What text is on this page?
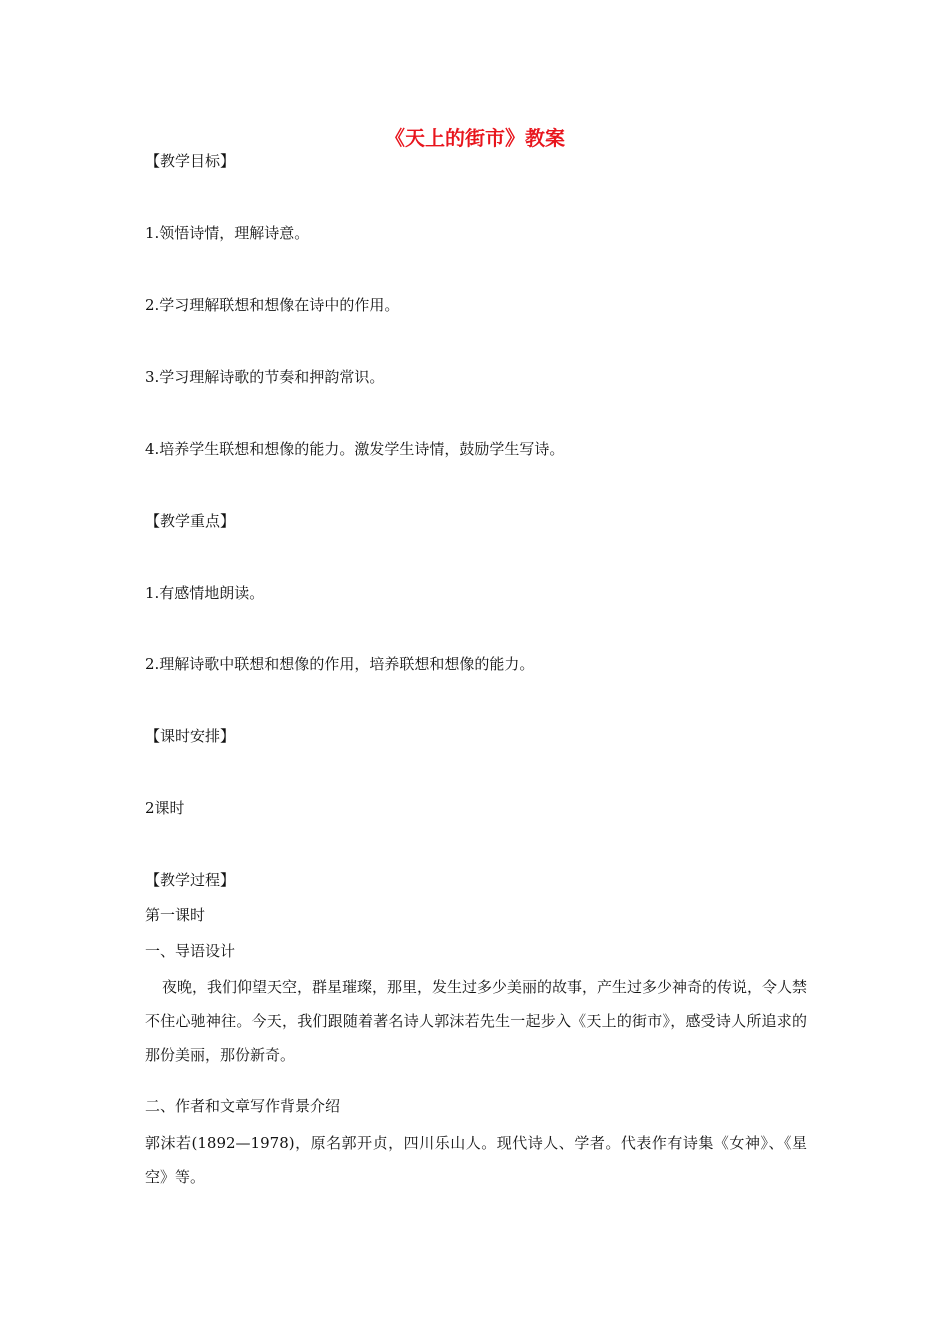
《天上的街市》教案
【教学目标】
1.领悟诗情，理解诗意。
2.学习理解联想和想像在诗中的作用。
3.学习理解诗歌的节奏和押韵常识。
4.培养学生联想和想像的能力。激发学生诗情，鼓励学生写诗。
【教学重点】
1.有感情地朗读。
2.理解诗歌中联想和想像的作用，培养联想和想像的能力。
【课时安排】
2课时
【教学过程】
第一课时
一、导语设计
夜晚，我们仰望天空，群星璀璨，那里，发生过多少美丽的故事，产生过多少神奇的传说，令人禁不住心驰神往。今天，我们跟随着著名诗人郭沫若先生一起步入《天上的街市》，感受诗人所追求的那份美丽，那份新奇。
二、作者和文章写作背景介绍
郭沫若(1892—1978)，原名郭开贞，四川乐山人。现代诗人、学者。代表作有诗集《女神》、《星空》等。
